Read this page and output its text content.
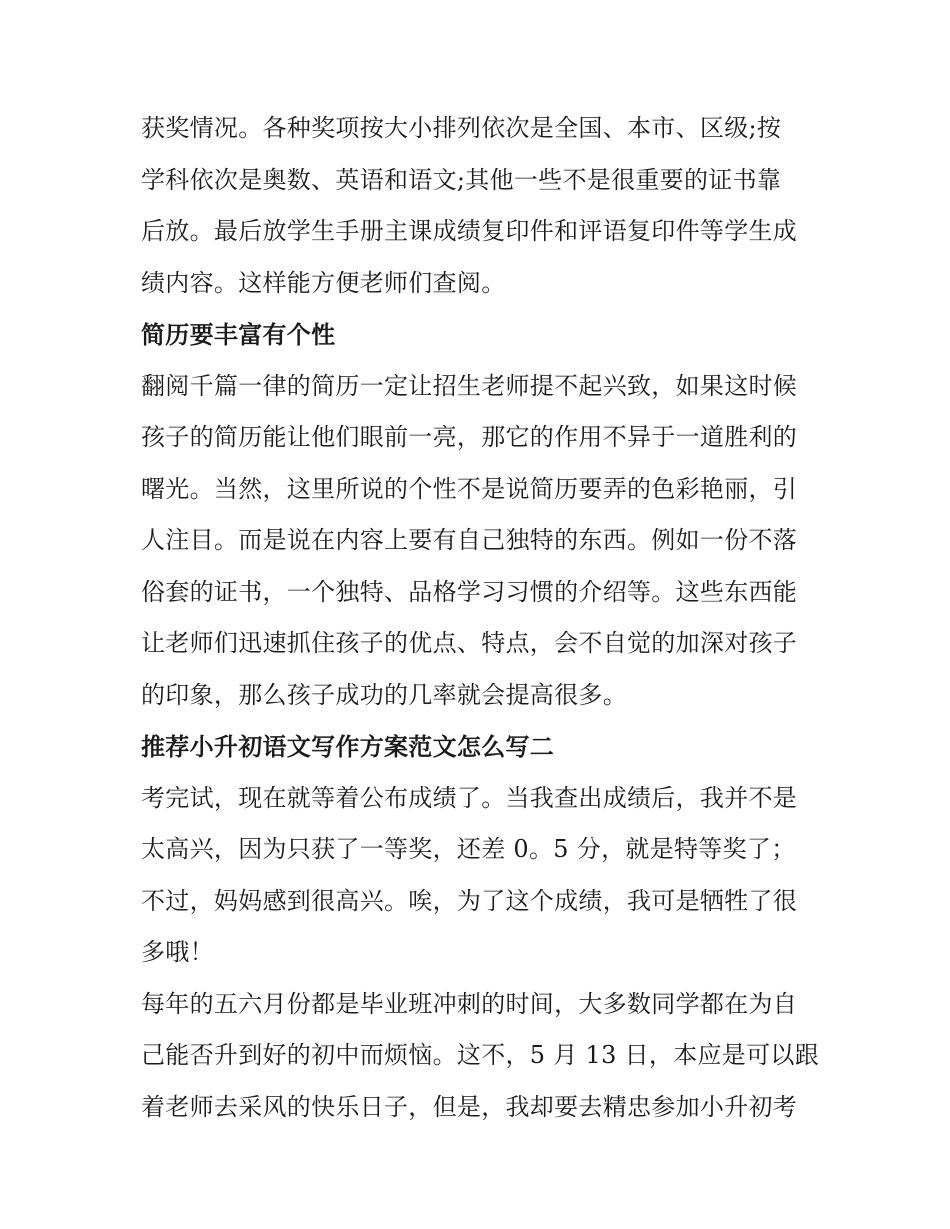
获奖情况。各种奖项按大小排列依次是全国、本市、区级;按
学科依次是奥数、英语和语文;其他一些不是很重要的证书靠
后放。最后放学生手册主课成绩复印件和评语复印件等学生成
绩内容。这样能方便老师们查阅。

简历要丰富有个性

翻阅千篇一律的简历一定让招生老师提不起兴致，如果这时候
孩子的简历能让他们眼前一亮，那它的作用不异于一道胜利的
曙光。当然，这里所说的个性不是说简历要弄的色彩艳丽，引
人注目。而是说在内容上要有自己独特的东西。例如一份不落
俗套的证书，一个独特、品格学习习惯的介绍等。这些东西能
让老师们迅速抓住孩子的优点、特点，会不自觉的加深对孩子
的印象，那么孩子成功的几率就会提高很多。

推荐小升初语文写作方案范文怎么写二

考完试，现在就等着公布成绩了。当我查出成绩后，我并不是
太高兴，因为只获了一等奖，还差 0。5 分，就是特等奖了；
不过，妈妈感到很高兴。唉，为了这个成绩，我可是牺牲了很
多哦！

每年的五六月份都是毕业班冲刺的时间，大多数同学都在为自
己能否升到好的初中而烦恼。这不，5 月 13 日，本应是可以跟
着老师去采风的快乐日子，但是，我却要去精忠参加小升初考
